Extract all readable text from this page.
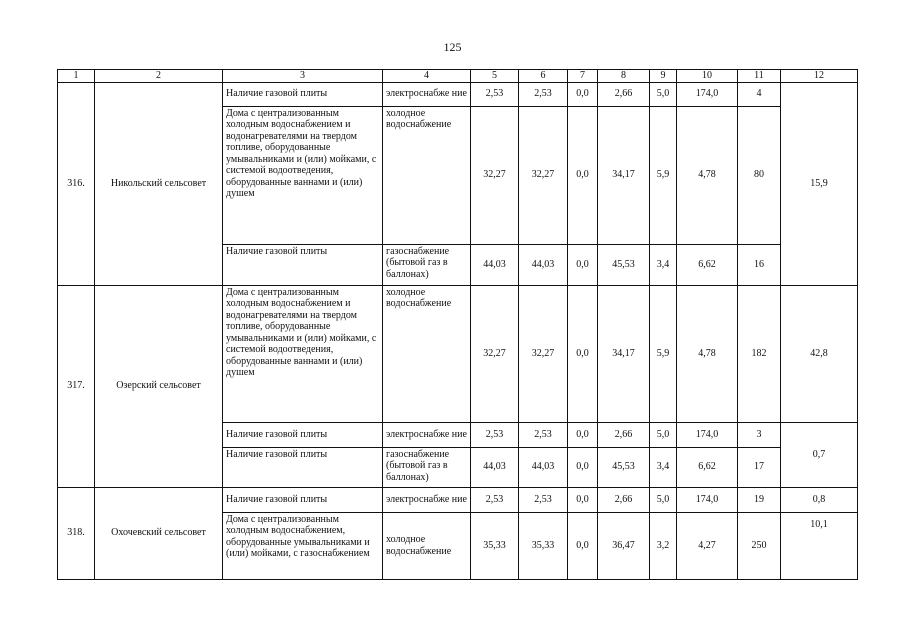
125
1	2	3	4	5	6	7	8	9	10	11	12
316.	Никольский сельсовет	Наличие газовой плиты	электроснабже ние	2,53	2,53	0,0	2,66	5,0	174,0	4	15,9
		Дома с централизованным холодным водоснабжением и водонагревателями на твердом топливе, оборудованные умывальниками и (или) мойками, с системой водоотведения, оборудованные ваннами и (или) душем	холодное водоснабжение	32,27	32,27	0,0	34,17	5,9	4,78	80	
		Наличие газовой плиты	газоснабжение (бытовой газ в баллонах)	44,03	44,03	0,0	45,53	3,4	6,62	16	
317.	Озерский сельсовет	Дома с централизованным холодным водоснабжением и водонагревателями на твердом топливе, оборудованные умывальниками и (или) мойками, с системой водоотведения, оборудованные ваннами и (или) душем	холодное водоснабжение	32,27	32,27	0,0	34,17	5,9	4,78	182	42,8
		Наличие газовой плиты	электроснабже ние	2,53	2,53	0,0	2,66	5,0	174,0	3	0,7
		Наличие газовой плиты	газоснабжение (бытовой газ в баллонах)	44,03	44,03	0,0	45,53	3,4	6,62	17	
318.	Охочевский сельсовет	Наличие газовой плиты	электроснабже ние	2,53	2,53	0,0	2,66	5,0	174,0	19	0,8
		Дома с централизованным холодным водоснабжением, оборудованные умывальниками и (или) мойками, с газоснабжением	холодное водоснабжение	35,33	35,33	0,0	36,47	3,2	4,27	250	10,1
